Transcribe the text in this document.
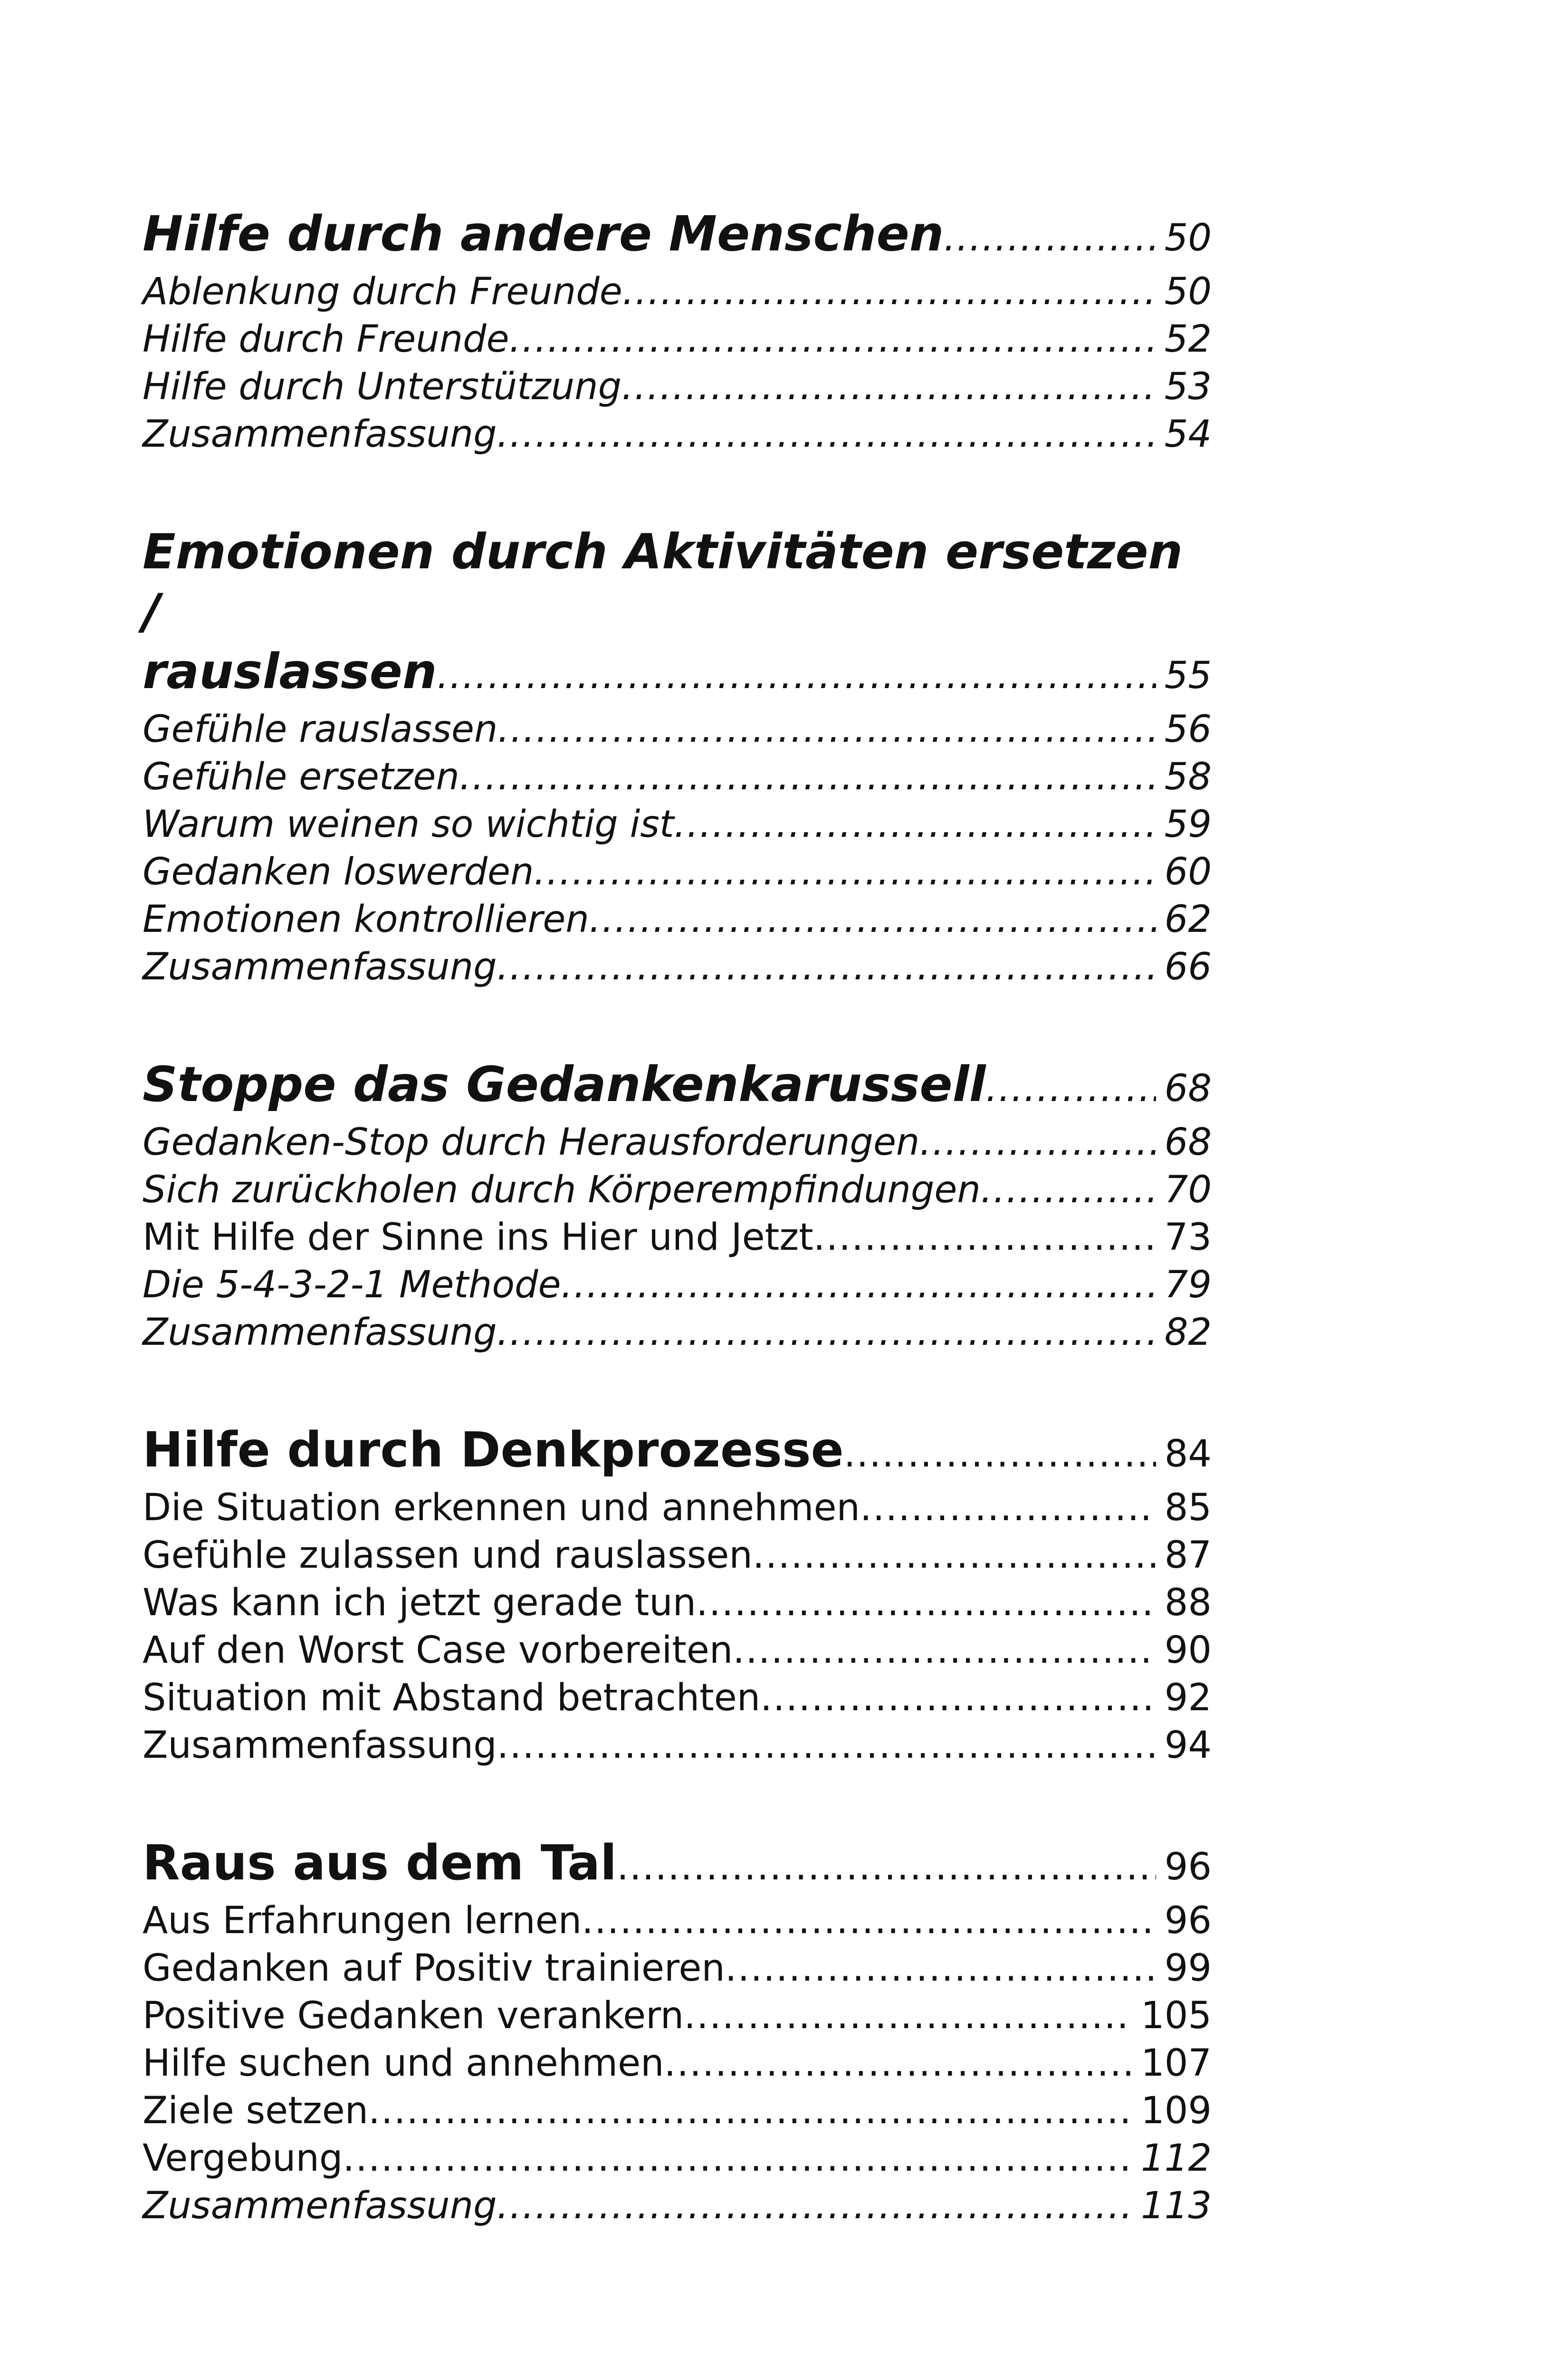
Hilfe durch andere Menschen .....	50
Ablenkung durch Freunde .....	50
Hilfe durch Freunde .....	52
Hilfe durch Unterstützung .....	53
Zusammenfassung .....	54
Emotionen durch Aktivitäten ersetzen /
rauslassen .....	55
Gefühle rauslassen .....	56
Gefühle ersetzen .....	58
Warum weinen so wichtig ist .....	59
Gedanken loswerden .....	60
Emotionen kontrollieren .....	62
Zusammenfassung .....	66
Stoppe das Gedankenkarussell .....	68
Gedanken-Stop durch Herausforderungen .....	68
Sich zurückholen durch Körperempfindungen .....	70
Mit Hilfe der Sinne ins Hier und Jetzt .....	73
Die 5-4-3-2-1 Methode .....	79
Zusammenfassung .....	82
Hilfe durch Denkprozesse .....	84
Die Situation erkennen und annehmen .....	85
Gefühle zulassen und rauslassen .....	87
Was kann ich jetzt gerade tun .....	88
Auf den Worst Case vorbereiten .....	90
Situation mit Abstand betrachten .....	92
Zusammenfassung .....	94
Raus aus dem Tal .....	96
Aus Erfahrungen lernen .....	96
Gedanken auf Positiv trainieren .....	99
Positive Gedanken verankern .....	105
Hilfe suchen und annehmen .....	107
Ziele setzen .....	109
Vergebung .....	112
Zusammenfassung .....	113
